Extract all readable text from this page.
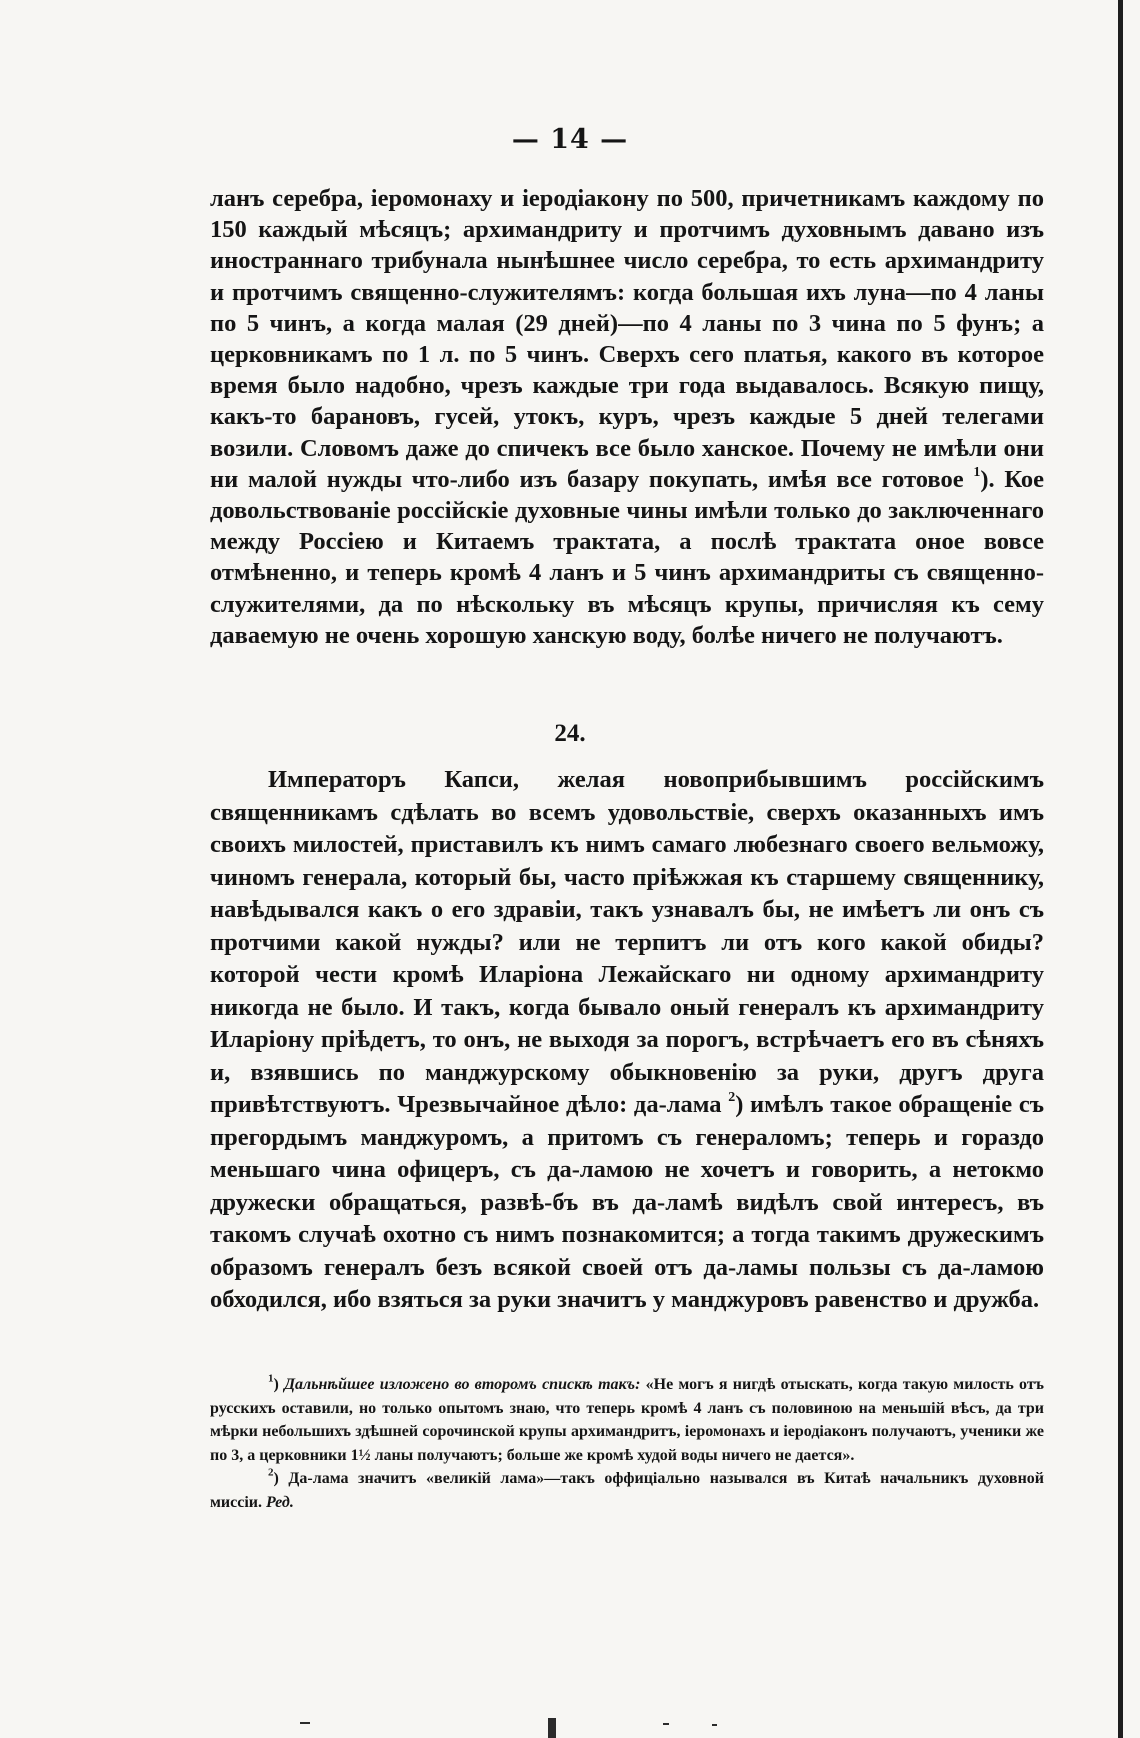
— 14 —

ланъ серебра, іеромонаху и іеродіакону по 500, причетникамъ каждому по 150 каждый мѣсяцъ; архимандриту и протчимъ духовнымъ давано изъ иностраннаго трибунала нынѣшнее число серебра, то есть архимандриту и протчимъ священно-служителямъ: когда большая ихъ луна—по 4 ланы по 5 чинъ, а когда малая (29 дней)—по 4 ланы по 3 чина по 5 фунъ; а церковникамъ по 1 л. по 5 чинъ. Сверхъ сего платья, какого въ которое время было надобно, чрезъ каждые три года выдавалось. Всякую пищу, какъ-то барановъ, гусей, утокъ, куръ, чрезъ каждые 5 дней телегами возили. Словомъ даже до спичекъ все было ханское. Почему не имѣли они ни малой нужды что-либо изъ базару покупать, имѣя все готовое $^1$). Кое довольствованіе россійскіе духовные чины имѣли только до заключеннаго между Россіею и Китаемъ трактата, а послѣ трактата оное вовсе отмѣненно, и теперь кромѣ 4 ланъ и 5 чинъ архимандриты съ священно-служителями, да по нѣскольку въ мѣсяцъ крупы, причисляя къ сему даваемую не очень хорошую ханскую воду, болѣе ничего не получаютъ.

24.

Императоръ Капси, желая новоприбывшимъ россійскимъ священникамъ сдѣлать во всемъ удовольствіе, сверхъ оказанныхъ имъ своихъ милостей, приставилъ къ нимъ самаго любезнаго своего вельможу, чиномъ генерала, который бы, часто пріѣжжая къ старшему священнику, навѣдывался какъ о его здравіи, такъ узнавалъ бы, не имѣетъ ли онъ съ протчими какой нужды? или не терпитъ ли отъ кого какой обиды? которой чести кромѣ Иларіона Лежайскаго ни одному архимандриту никогда не было. И такъ, когда бывало оный генералъ къ архимандриту Иларіону пріѣдетъ, то онъ, не выходя за порогъ, встрѣчаетъ его въ сѣняхъ и, взявшись по манджурскому обыкновенію за руки, другъ друга привѣтствуютъ. Чрезвычайное дѣло: да-лама $^2$) имѣлъ такое обращеніе съ прегордымъ манджуромъ, а притомъ съ генераломъ; теперь и гораздо меньшаго чина офицеръ, съ да-ламою не хочетъ и говорить, а нетокмо дружески обращаться, развѣ-бъ въ да-ламѣ видѣлъ свой интересъ, въ такомъ случаѣ охотно съ нимъ познакомится; а тогда такимъ дружескимъ образомъ генералъ безъ всякой своей отъ да-ламы пользы съ да-ламою обходился, ибо взяться за руки значитъ у манджуровъ равенство и дружба.

$^1$) Дальнѣйшее изложено во второмъ спискѣ такъ: «Не могъ я нигдѣ отыскать, когда такую милость отъ русскихъ оставили, но только опытомъ знаю, что теперь кромѣ 4 ланъ съ половиною на меньшій вѣсъ, да три мѣрки небольшихъ здѣшней сорочинской крупы архимандритъ, іеромонахъ и іеродіаконъ получаютъ, ученики же по 3, а церковники 1½ ланы получаютъ; больше же кромѣ худой воды ничего не дается».

$^2$) Да-лама значитъ «великій лама»—такъ оффиціально назывался въ Китаѣ начальникъ духовной миссіи. Ред.
